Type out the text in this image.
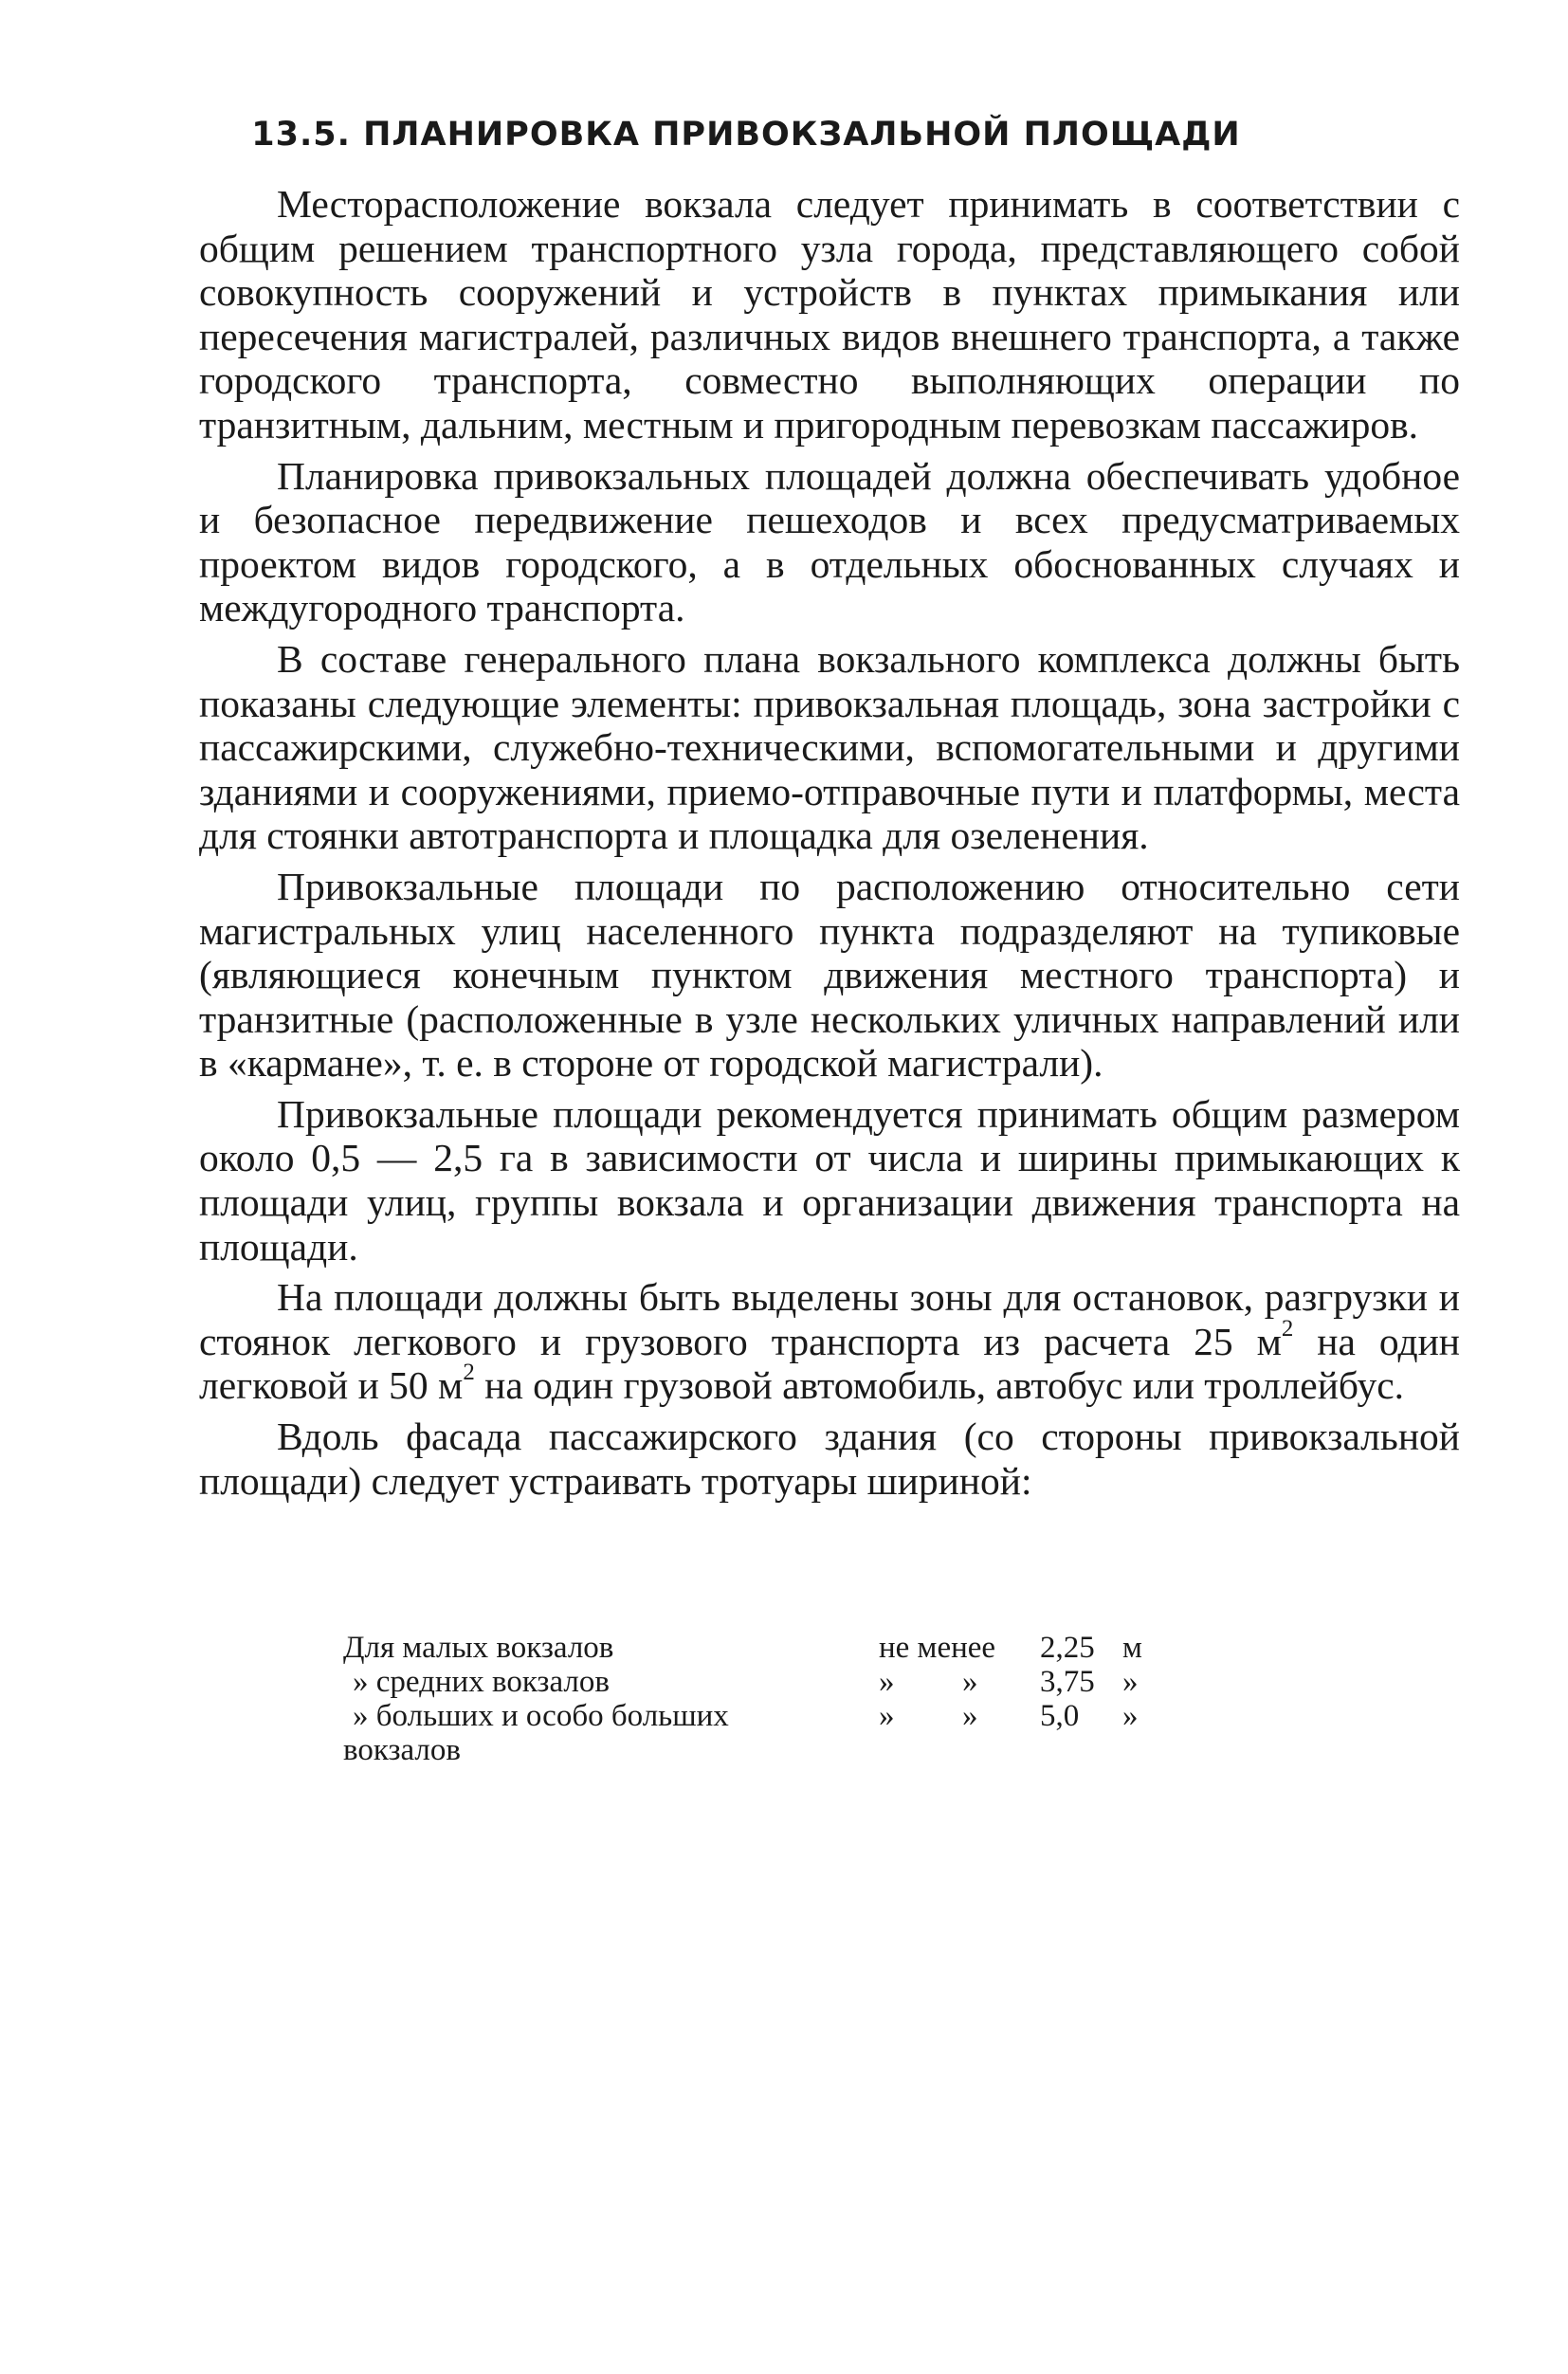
13.5. ПЛАНИРОВКА ПРИВОКЗАЛЬНОЙ ПЛОЩАДИ

Месторасположение вокзала следует принимать в соответствии с общим решением транспортного узла города, представляющего собой совокупность сооружений и устройств в пунктах примыкания или пересечения магистралей, различных видов внешнего транспорта, а также городского транспорта, совместно выполняющих операции по транзитным, дальним, местным и пригородным перевозкам пассажиров.

Планировка привокзальных площадей должна обеспечивать удобное и безопасное передвижение пешеходов и всех предусматриваемых проектом видов городского, а в отдельных обоснованных случаях и междугородного транспорта.

В составе генерального плана вокзального комплекса должны быть показаны следующие элементы: привокзальная площадь, зона застройки с пассажирскими, служебно-техническими, вспомогательными и другими зданиями и сооружениями, приемо-отправочные пути и платформы, места для стоянки автотранспорта и площадка для озеленения.

Привокзальные площади по расположению относительно сети магистральных улиц населенного пункта подразделяют на тупиковые (являющиеся конечным пунктом движения местного транспорта) и транзитные (расположенные в узле нескольких уличных направлений или в «кармане», т. е. в стороне от городской магистрали).

Привокзальные площади рекомендуется принимать общим размером около 0,5 — 2,5 га в зависимости от числа и ширины примыкающих к площади улиц, группы вокзала и организации движения транспорта на площади.

На площади должны быть выделены зоны для остановок, разгрузки и стоянок легкового и грузового транспорта из расчета 25 $м^2$ на один легковой и 50 $м^2$ на один грузовой автомобиль, автобус или троллейбус.

Вдоль фасада пассажирского здания (со стороны привокзальной площади) следует устраивать тротуары шириной:

Для малых вокзалов	не менее 2,25 м
» средних вокзалов	» » 3,75 »
» больших и особо больших	» » 5,0 »
вокзалов
